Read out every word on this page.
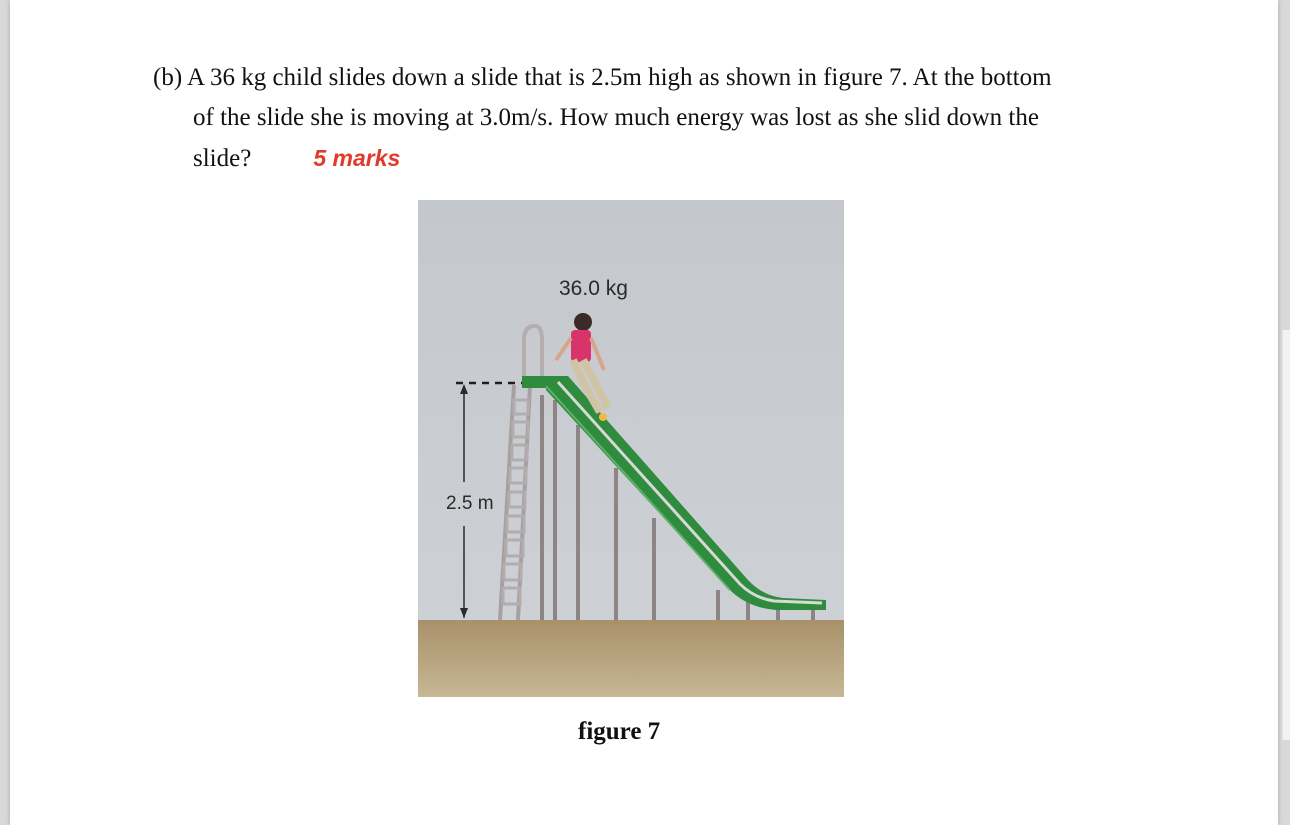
(b) A 36 kg child slides down a slide that is 2.5m high as shown in figure 7. At the bottom
of the slide she is moving at 3.0m/s. How much energy was lost as she slid down the
slide?	5 marks
2.5 m
36.0 kg
figure 7
